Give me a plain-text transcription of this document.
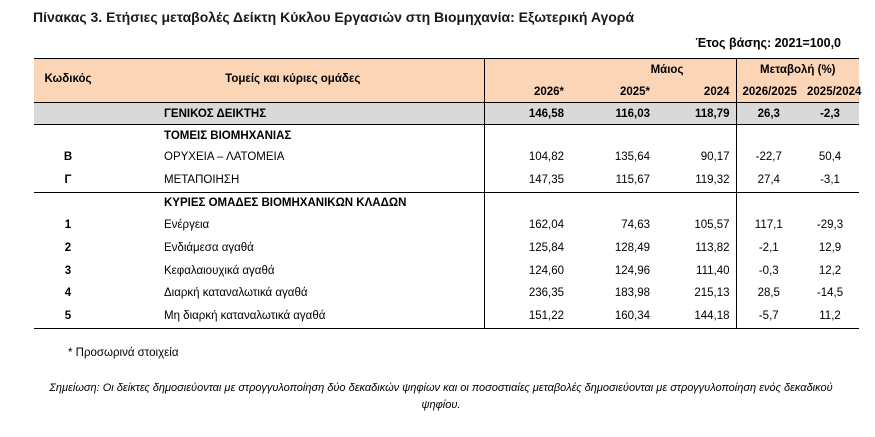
Πίνακας 3. Ετήσιες μεταβολές Δείκτη Κύκλου Εργασιών στη Βιομηχανία: Εξωτερική Αγορά
Έτος βάσης: 2021=100,0
Κωδικός	Τομείς και κύριες ομάδες	Μάιος			Μεταβολή (%)	
		2026*	2025*	2024	2026/2025	2025/2024
	ΓΕΝΙΚΟΣ ΔΕΙΚΤΗΣ	146,58	116,03	118,79	26,3	-2,3
	ΤΟΜΕΙΣ ΒΙΟΜΗΧΑΝΙΑΣ					
Β	ΟΡΥΧΕΙΑ – ΛΑΤΟΜΕΙΑ	104,82	135,64	90,17	-22,7	50,4
Γ	ΜΕΤΑΠΟΙΗΣΗ	147,35	115,67	119,32	27,4	-3,1
	ΚΥΡΙΕΣ ΟΜΑΔΕΣ ΒΙΟΜΗΧΑΝΙΚΩΝ ΚΛΑΔΩΝ					
1	Ενέργεια	162,04	74,63	105,57	117,1	-29,3
2	Ενδιάμεσα αγαθά	125,84	128,49	113,82	-2,1	12,9
3	Κεφαλαιουχικά αγαθά	124,60	124,96	111,40	-0,3	12,2
4	Διαρκή καταναλωτικά αγαθά	236,35	183,98	215,13	28,5	-14,5
5	Μη διαρκή καταναλωτικά αγαθά	151,22	160,34	144,18	-5,7	11,2
* Προσωρινά στοιχεία
Σημείωση: Οι δείκτες δημοσιεύονται με στρογγυλοποίηση δύο δεκαδικών ψηφίων και οι ποσοστιαίες μεταβολές δημοσιεύονται με στρογγυλοποίηση ενός δεκαδικού ψηφίου.
